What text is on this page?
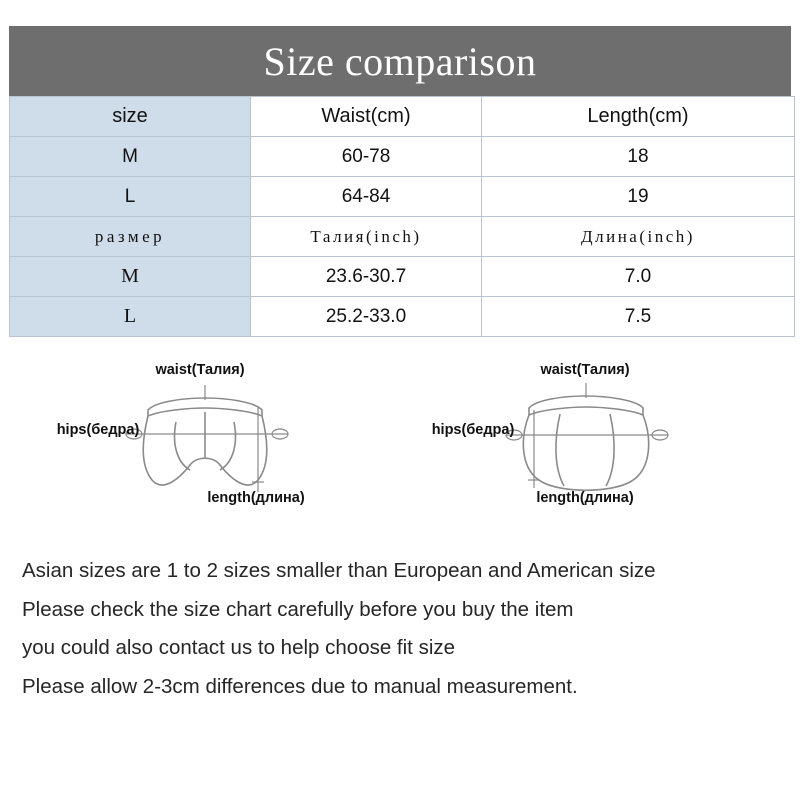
Size comparison
size	Waist(cm)	Length(cm)
M	60-78	18
L	64-84	19
размер	Талия(inch)	Длина(inch)
M	23.6-30.7	7.0
L	25.2-33.0	7.5
waist(Талия)
hips(бедра)
length(длина)
waist(Талия)
hips(бедра)
length(длина)

Asian sizes are 1 to 2 sizes smaller than European and American size

Please check the size chart carefully before you buy the item

you could also contact us to help choose fit size

Please allow 2-3cm differences due to manual measurement.
